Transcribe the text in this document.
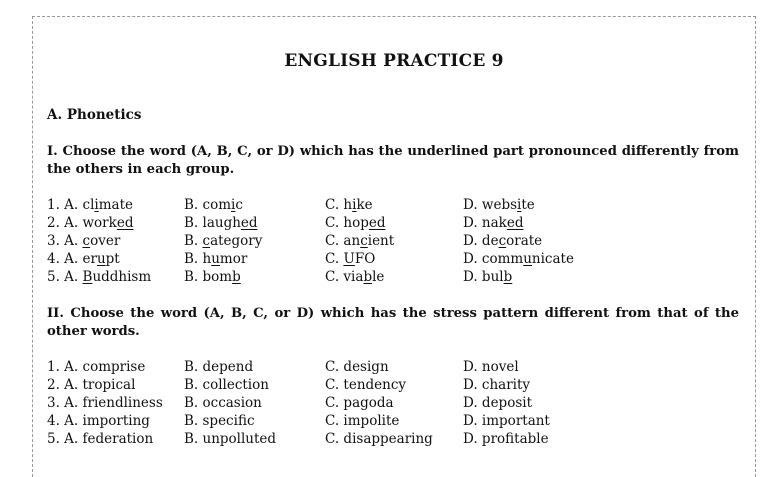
ENGLISH PRACTICE 9
A. Phonetics
I. Choose the word (A, B, C, or D) which has the underlined part pronounced differently from the others in each group.
1. A. climate	B. comic	C. hike	D. website
2. A. worked	B. laughed	C. hoped	D. naked
3. A. cover	B. category	C. ancient	D. decorate
4. A. erupt	B. humor	C. UFO	D. communicate
5. A. Buddhism B. bomb	C. viable	D. bulb
II. Choose the word (A, B, C, or D) which has the stress pattern different from that of the other words.
1. A. comprise	B. depend	C. design	D. novel
2. A. tropical	B. collection	C. tendency	D. charity
3. A. friendliness B. occasion	C. pagoda	D. deposit
4. A. importing	B. specific	C. impolite	D. important
5. A. federation B. unpolluted	C. disappearing D. profitable
